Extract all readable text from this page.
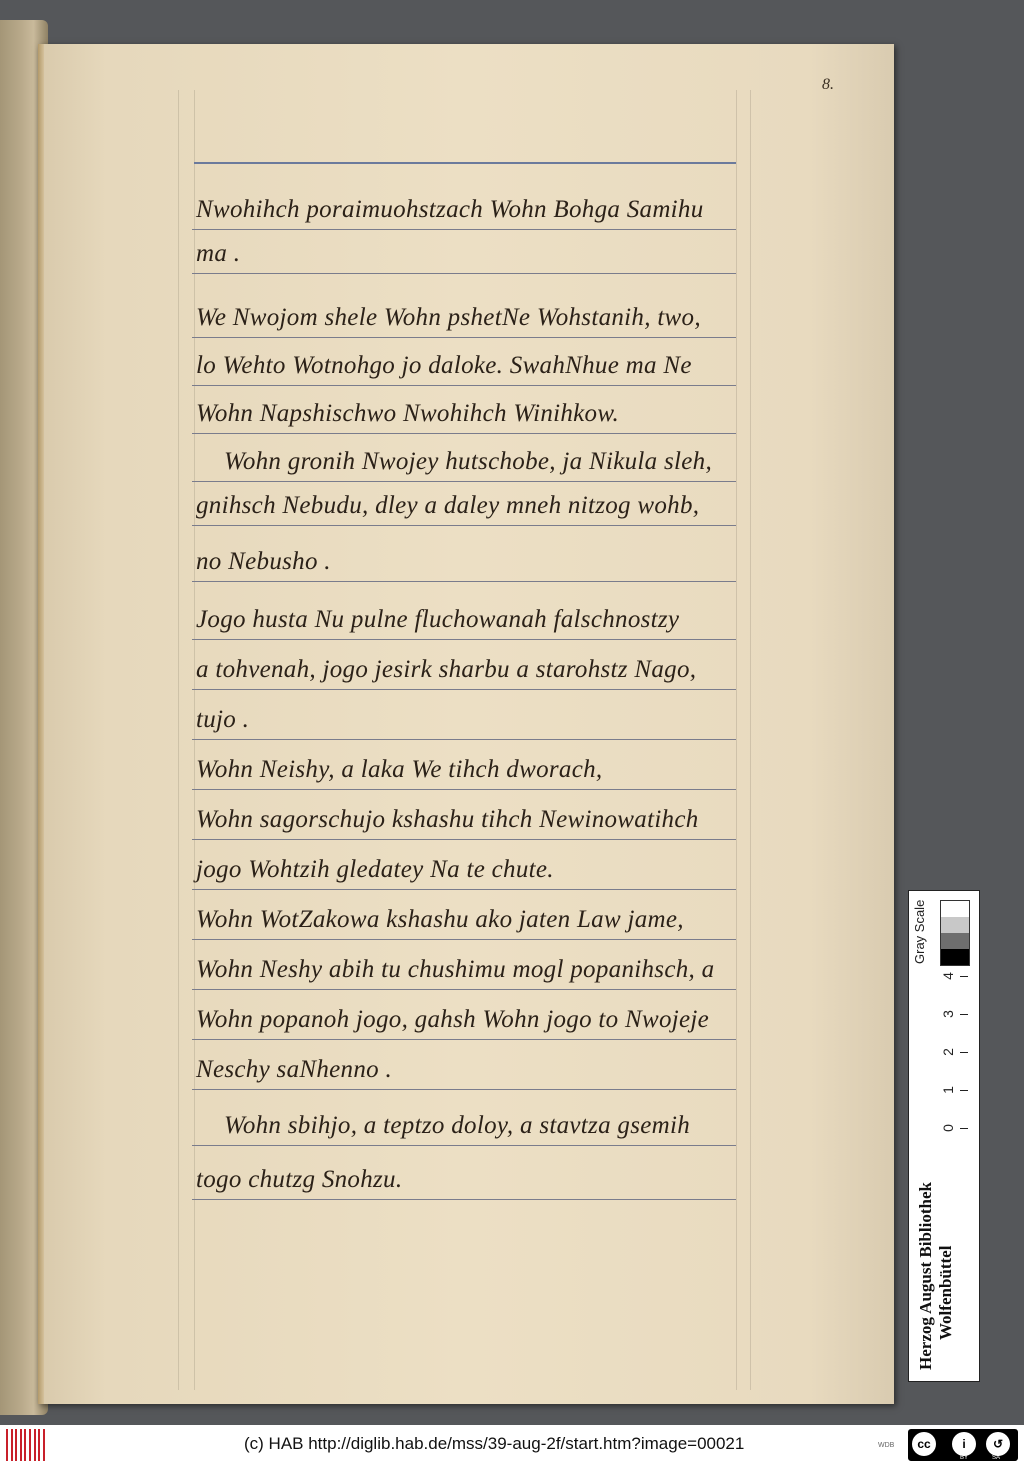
8.
Nwohihch poraimuohstzach Wohn Bohga Samihu
ma .
We Nwojom shele Wohn pshetNe Wohstanih, two,
lo Wehto Wotnohgo jo daloke. SwahNhue ma Ne
Wohn Napshischwo Nwohihch Winihkow.
Wohn gronih Nwojey hutschobe, ja Nikula sleh,
gnihsch Nebudu, dley a daley mneh nitzog wohb,
no Nebusho .
Jogo husta Nu pulne fluchowanah falschnostzy
a tohvenah, jogo jesirk sharbu a starohstz Nago,
tujo .
Wohn Neishy, a laka We tihch dworach,
Wohn sagorschujo kshashu tihch Newinowatihch
jogo Wohtzih gledatey Na te chute.
Wohn WotZakowa kshashu ako jaten Law jame,
Wohn Neshy abih tu chushimu mogl popanihsch, a
Wohn popanoh jogo, gahsh Wohn jogo to Nwojeje
Neschy saNhenno .
Wohn sbihjo, a teptzo doloy, a stavtza gsemih
togo chutzg Snohzu.
Gray Scale
4
3
2
1
0
Herzog August Bibliothek Wolfenbüttel
(c) HAB http://diglib.hab.de/mss/39-aug-2f/start.htm?image=00021	WDB	cc	i	↺
BY	SA
